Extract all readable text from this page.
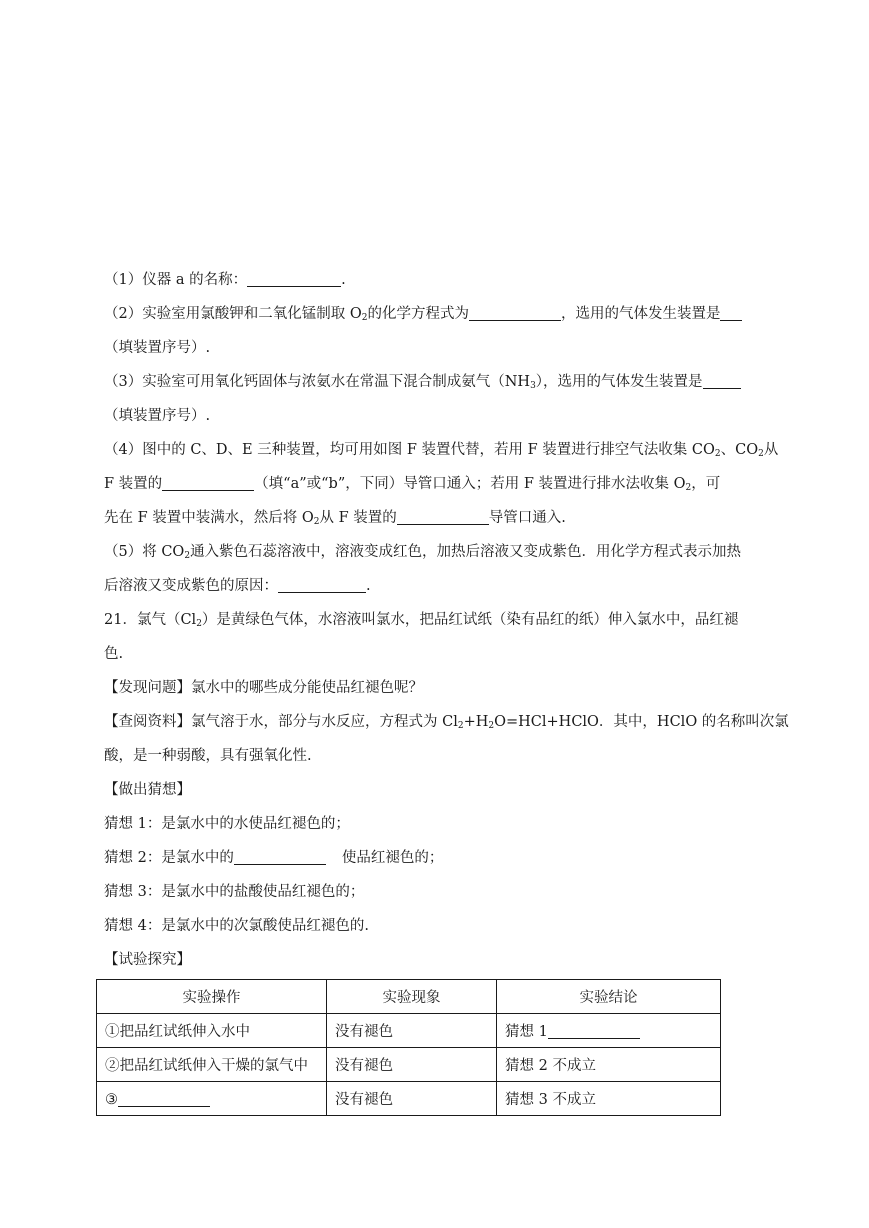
（1）仪器 a 的名称：	.
（2）实验室用氯酸钾和二氧化锰制取 $O_2$的化学方程式为	，选用的气体发生装置是
（填装置序号）.
（3）实验室可用氧化钙固体与浓氨水在常温下混合制成氨气$(NH_3)$，选用的气体发生装置是
（填装置序号）.
（4）图中的 C、D、E 三种装置，均可用如图 F 装置代替，若用 F 装置进行排空气法收集 $CO_2$、$CO_2$从
F 装置的	（填“a”或“b”，下同）导管口通入；若用 F 装置进行排水法收集 $O_2$，可
先在 F 装置中装满水，然后将 $O_2$从 F 装置的	导管口通入.
（5）将 $CO_2$通入紫色石蕊溶液中，溶液变成红色，加热后溶液又变成紫色．用化学方程式表示加热
后溶液又变成紫色的原因：	.
21．氯气$(Cl_2)$是黄绿色气体，水溶液叫氯水，把品红试纸（染有品红的纸）伸入氯水中，品红褪
色.
【发现问题】氯水中的哪些成分能使品红褪色呢？
【查阅资料】氯气溶于水，部分与水反应，方程式为 $Cl_2+H_2O=HCl+HClO$．其中，HClO 的名称叫次氯
酸，是一种弱酸，具有强氧化性.
【做出猜想】
猜想 1：是氯水中的水使品红褪色的；
猜想 2：是氯水中的	使品红褪色的；
猜想 3：是氯水中的盐酸使品红褪色的；
猜想 4：是氯水中的次氯酸使品红褪色的.
【试验探究】
实验操作	实验现象	实验结论
①把品红试纸伸入水中	没有褪色	猜想 1
②把品红试纸伸入干燥的氯气中	没有褪色	猜想 2 不成立
③	没有褪色	猜想 3 不成立
